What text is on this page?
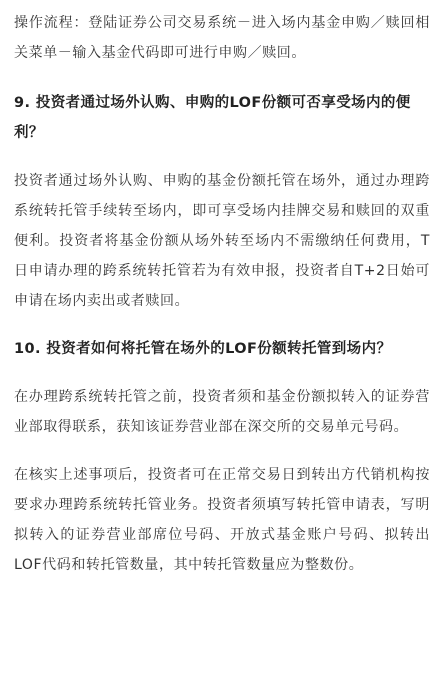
操作流程：登陆证券公司交易系统－进入场内基金申购／赎回相关菜单－输入基金代码即可进行申购／赎回。

9. 投资者通过场外认购、申购的LOF份额可否享受场内的便利？

投资者通过场外认购、申购的基金份额托管在场外，通过办理跨系统转托管手续转至场内，即可享受场内挂牌交易和赎回的双重便利。投资者将基金份额从场外转至场内不需缴纳任何费用，T日申请办理的跨系统转托管若为有效申报，投资者自T+2日始可申请在场内卖出或者赎回。

10. 投资者如何将托管在场外的LOF份额转托管到场内？

在办理跨系统转托管之前，投资者须和基金份额拟转入的证券营业部取得联系，获知该证券营业部在深交所的交易单元号码。

在核实上述事项后，投资者可在正常交易日到转出方代销机构按要求办理跨系统转托管业务。投资者须填写转托管申请表，写明拟转入的证券营业部席位号码、开放式基金账户号码、拟转出LOF代码和转托管数量，其中转托管数量应为整数份。
